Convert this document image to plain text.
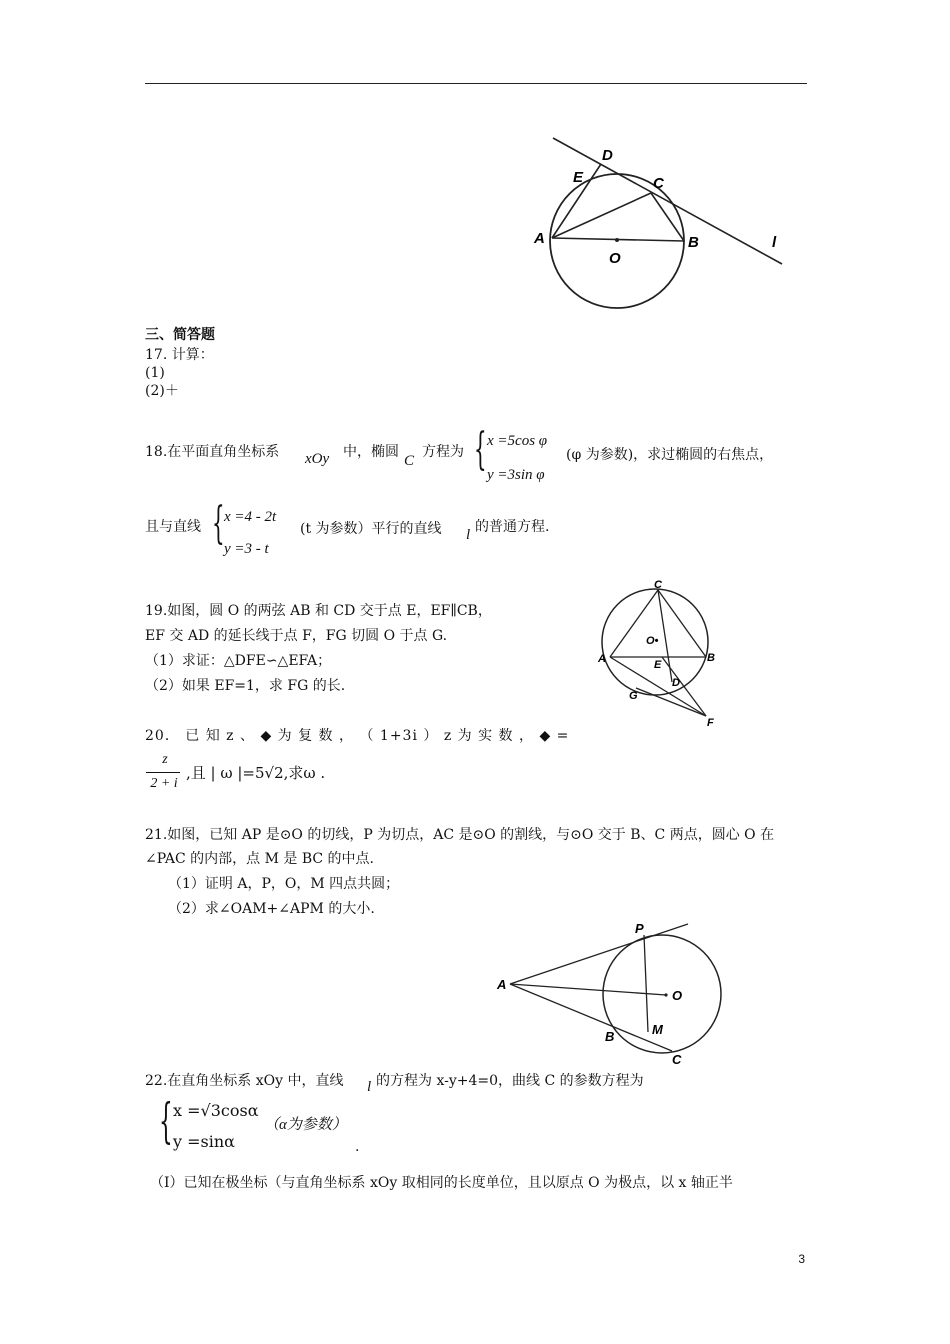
D
E	C
A
O
B	l
三、简答题
17. 计算：
(1)
(2)＋
18.在平面直角坐标系 xOy 中，椭圆
C
方程为 { x =5cos φ
y =3sin φ
(φ 为参数)，求过椭圆的右焦点，
且与直线 { x =4 - 2t
y =3 - t
(t 为参数）平行的直线 l 的普通方程.
19.如图，圆 O 的两弦 AB 和 CD 交于点 E，EF∥CB，
EF 交 AD 的延长线于点 F，FG 切圆 O 于点 G.
（1）求证：△DFE∽△EFA；
（2）如果 EF=1，求 FG 的长.
C
O•
A	E
B
D
G
F
20． 已 知 z 、 ◆ 为 复 数 ， （ 1+3i ） z 为 实 数 ， ◆ =
z
2 + i
,且 | ω |=5√2,求ω .
21.如图，已知 AP 是⊙O 的切线，P 为切点，AC 是⊙O 的割线，与⊙O 交于 B、C 两点，圆心 O 在
∠PAC 的内部，点 M 是 BC 的中点.
（1）证明 A，P，O，M 四点共圆；
（2）求∠OAM+∠APM 的大小.
P
A
O
B	M
C
22.在直角坐标系 xOy 中，直线 l 的方程为 x-y+4=0，曲线 C 的参数方程为
{ x =√3cosα
y =sinα
（α为参数）
.
（I）已知在极坐标（与直角坐标系 xOy 取相同的长度单位，且以原点 O 为极点，以 x 轴正半
3
